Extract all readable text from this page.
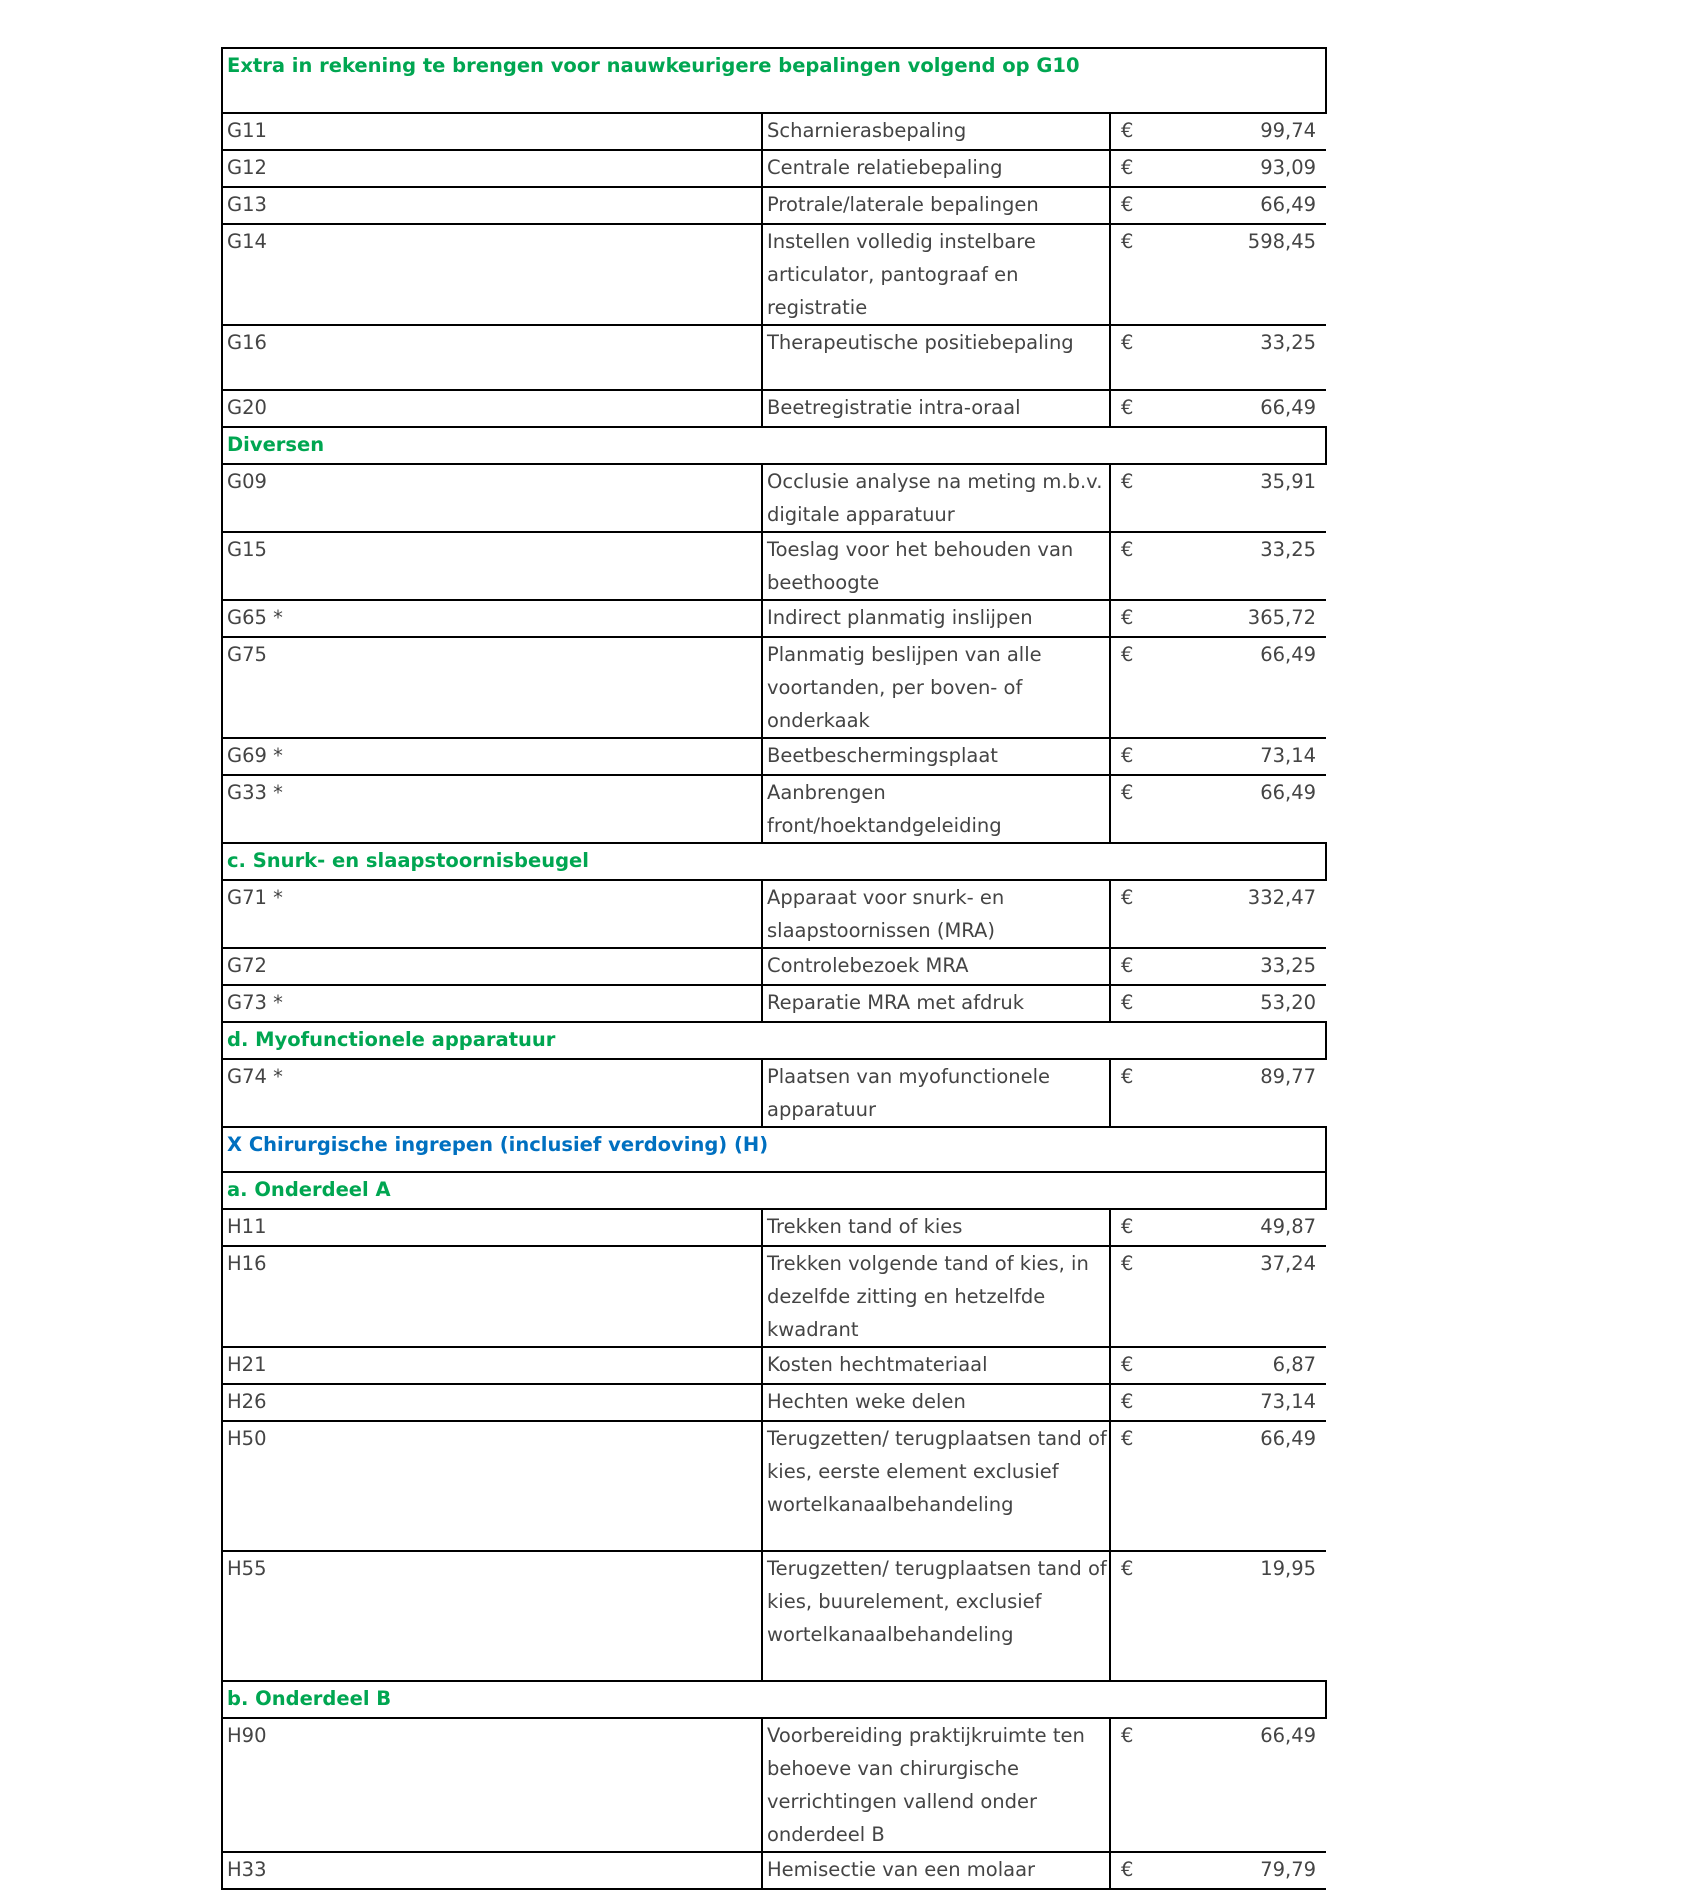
Extra in rekening te brengen voor nauwkeurigere bepalingen volgend op G10		
G11	Scharnierasbepaling	€ 99,74

G12	Centrale relatiebepaling	€ 93,09

G13	Protrale/laterale bepalingen	€ 66,49

G14	Instellen volledig instelbare articulator, pantograaf en registratie	€ 598,45

G16	Therapeutische positiebepaling	€ 33,25

G20	Beetregistratie intra-oraal	€ 66,49

Diversen		
G09	Occlusie analyse na meting m.b.v. digitale apparatuur	€ 35,91

G15	Toeslag voor het behouden van beethoogte	€ 33,25

G65 *	Indirect planmatig inslijpen	€ 365,72

G75	Planmatig beslijpen van alle voortanden, per boven- of onderkaak	€ 66,49

G69 *	Beetbeschermingsplaat	€ 73,14

G33 *	Aanbrengen front/hoektandgeleiding	€ 66,49

c. Snurk- en slaapstoornisbeugel		
G71 *	Apparaat voor snurk- en slaapstoornissen (MRA)	€ 332,47

G72	Controlebezoek MRA	€ 33,25

G73 *	Reparatie MRA met afdruk	€ 53,20

d. Myofunctionele apparatuur		
G74 *	Plaatsen van myofunctionele apparatuur	€ 89,77

X Chirurgische ingrepen (inclusief verdoving) (H)		
a. Onderdeel A		
H11	Trekken tand of kies	€ 49,87

H16	Trekken volgende tand of kies, in dezelfde zitting en hetzelfde kwadrant	€ 37,24

H21	Kosten hechtmateriaal	€ 6,87

H26	Hechten weke delen	€ 73,14

H50	Terugzetten/ terugplaatsen tand of kies, eerste element exclusief wortelkanaalbehandeling	€ 66,49

H55	Terugzetten/ terugplaatsen tand of kies, buurelement, exclusief wortelkanaalbehandeling	€ 19,95

b. Onderdeel B		
H90	Voorbereiding praktijkruimte ten behoeve van chirurgische verrichtingen vallend onder onderdeel B	€ 66,49

H33	Hemisectie van een molaar	€ 79,79
